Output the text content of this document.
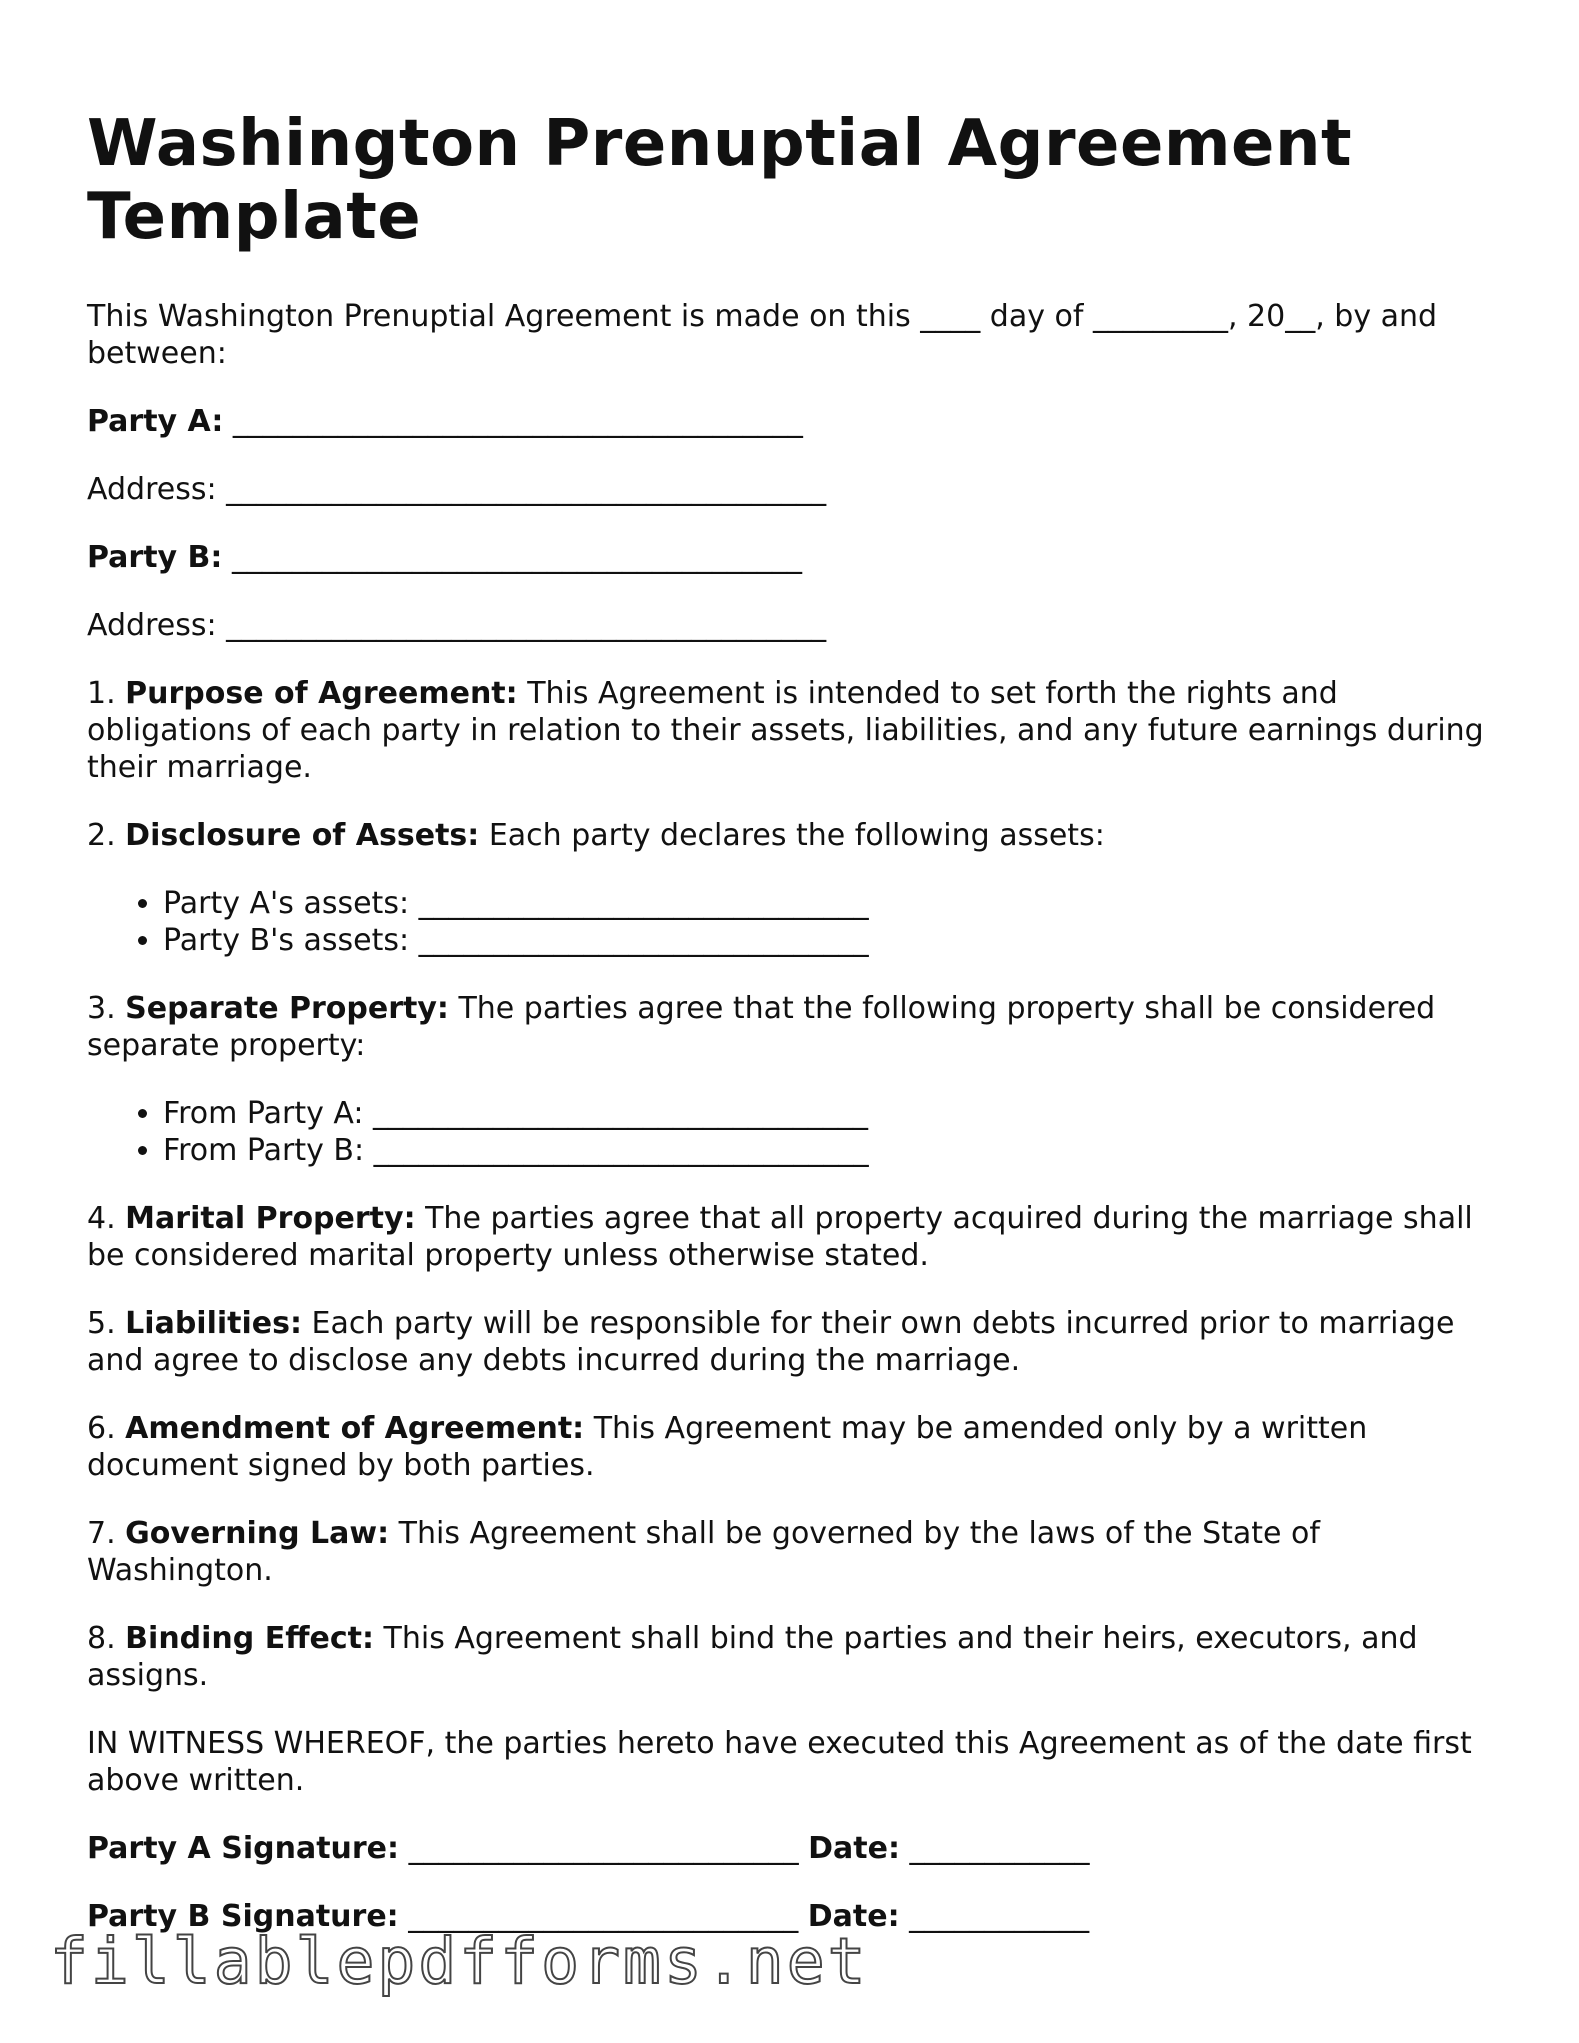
Washington Prenuptial Agreement Template

This Washington Prenuptial Agreement is made on this ____ day of _________, 20__, by and between:

Party A: ______________________________________

Address: ________________________________________

Party B: ______________________________________

Address: ________________________________________

1. Purpose of Agreement: This Agreement is intended to set forth the rights and obligations of each party in relation to their assets, liabilities, and any future earnings during their marriage.

2. Disclosure of Assets: Each party declares the following assets:

• Party A's assets: ______________________________
• Party B's assets: ______________________________

3. Separate Property: The parties agree that the following property shall be considered separate property:

• From Party A: _________________________________
• From Party B: _________________________________

4. Marital Property: The parties agree that all property acquired during the marriage shall be considered marital property unless otherwise stated.

5. Liabilities: Each party will be responsible for their own debts incurred prior to marriage and agree to disclose any debts incurred during the marriage.

6. Amendment of Agreement: This Agreement may be amended only by a written document signed by both parties.

7. Governing Law: This Agreement shall be governed by the laws of the State of Washington.

8. Binding Effect: This Agreement shall bind the parties and their heirs, executors, and assigns.

IN WITNESS WHEREOF, the parties hereto have executed this Agreement as of the date first above written.

Party A Signature: __________________________ Date: ____________

Party B Signature: __________________________ Date: ____________

fillablepdfforms.net
